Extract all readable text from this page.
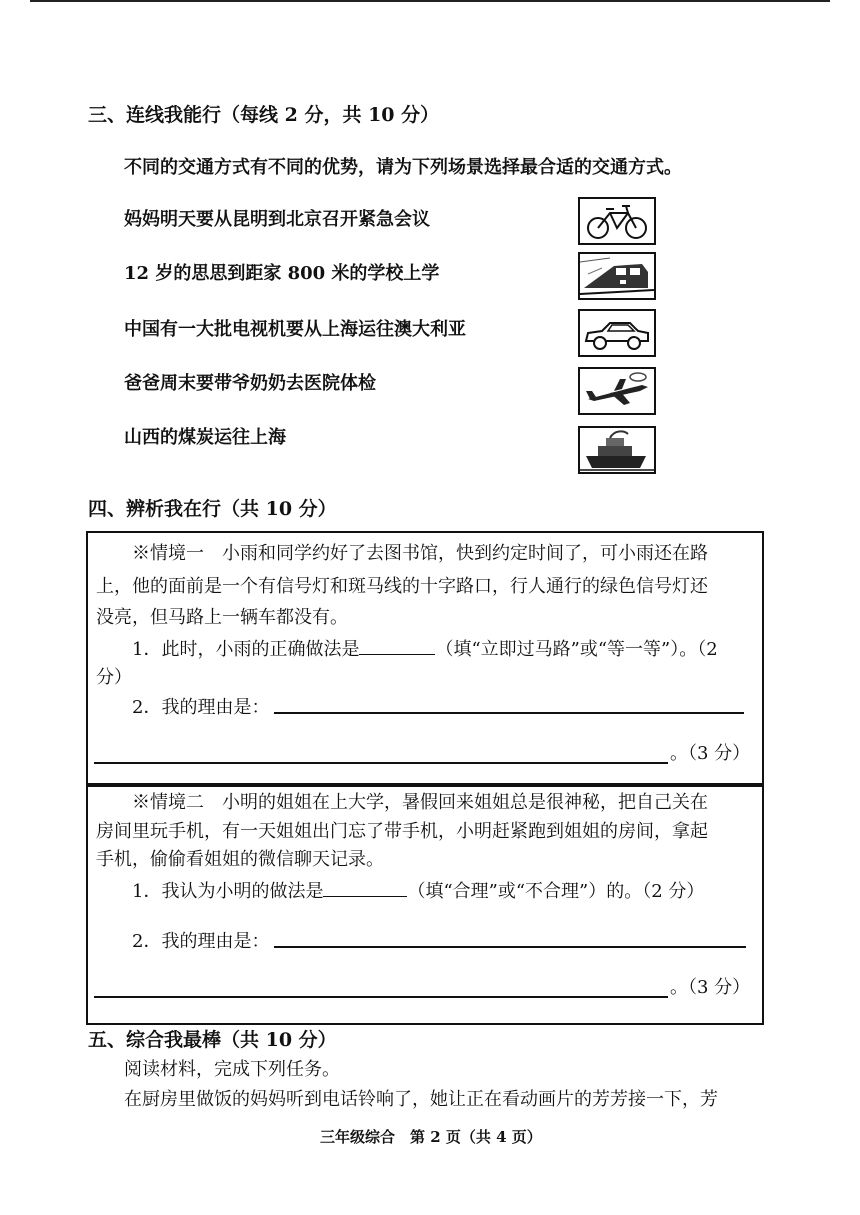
三、连线我能行（每线 2 分，共 10 分）
不同的交通方式有不同的优势，请为下列场景选择最合适的交通方式。
妈妈明天要从昆明到北京召开紧急会议
12 岁的思思到距家 800 米的学校上学
中国有一大批电视机要从上海运往澳大利亚
爸爸周末要带爷奶奶去医院体检
山西的煤炭运往上海
四、辨析我在行（共 10 分）
※情境一　小雨和同学约好了去图书馆，快到约定时间了，可小雨还在路
上，他的面前是一个有信号灯和斑马线的十字路口，行人通行的绿色信号灯还
没亮，但马路上一辆车都没有。
1．此时，小雨的正确做法是	（填“立即过马路”或“等一等”）。（2
分）
2．我的理由是：
。（3 分）
※情境二　小明的姐姐在上大学，暑假回来姐姐总是很神秘，把自己关在
房间里玩手机，有一天姐姐出门忘了带手机，小明赶紧跑到姐姐的房间，拿起
手机，偷偷看姐姐的微信聊天记录。
1．我认为小明的做法是	（填“合理”或“不合理”）的。（2 分）
2．我的理由是：
。（3 分）
五、综合我最棒（共 10 分）
阅读材料，完成下列任务。
在厨房里做饭的妈妈听到电话铃响了，她让正在看动画片的芳芳接一下，芳
三年级综合　第 2 页（共 4 页）
